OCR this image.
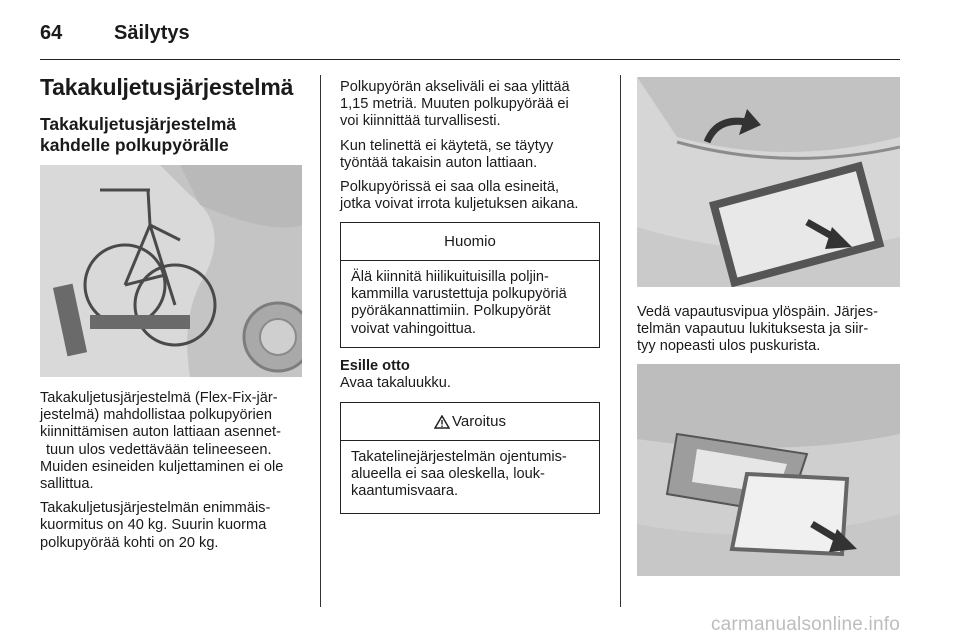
64	Säilytys
Takakuljetusjärjestelmä
Takakuljetusjärjestelmä
kahdelle polkupyörälle

Takakuljetusjärjestelmä (Flex-Fix-jär-
jestelmä) mahdollistaa polkupyörien
kiinnittämisen auton lattiaan asennet-
tuun ulos vedettävään telineeseen.
Muiden esineiden kuljettaminen ei ole
sallittua.

Takakuljetusjärjestelmän enimmäis-
kuormitus on 40 kg. Suurin kuorma
polkupyörää kohti on 20 kg.

Polkupyörän akseliväli ei saa ylittää
1,15 metriä. Muuten polkupyörää ei
voi kiinnittää turvallisesti.

Kun telinettä ei käytetä, se täytyy
työntää takaisin auton lattiaan.

Polkupyörissä ei saa olla esineitä,
jotka voivat irrota kuljetuksen aikana.

Huomio
Älä kiinnitä hiilikuituisilla poljin-
kammilla varustettuja polkupyöriä
pyöräkannattimiin. Polkupyörät
voivat vahingoittua.
Esille otto
Avaa takaluukku.
Varoitus
Takatelinejärjestelmän ojentumis-
alueella ei saa oleskella, louk-
kaantumisvaara.

Vedä vapautusvipua ylöspäin. Järjes-
telmän vapautuu lukituksesta ja siir-
tyy nopeasti ulos puskurista.

carmanualsonline.info
